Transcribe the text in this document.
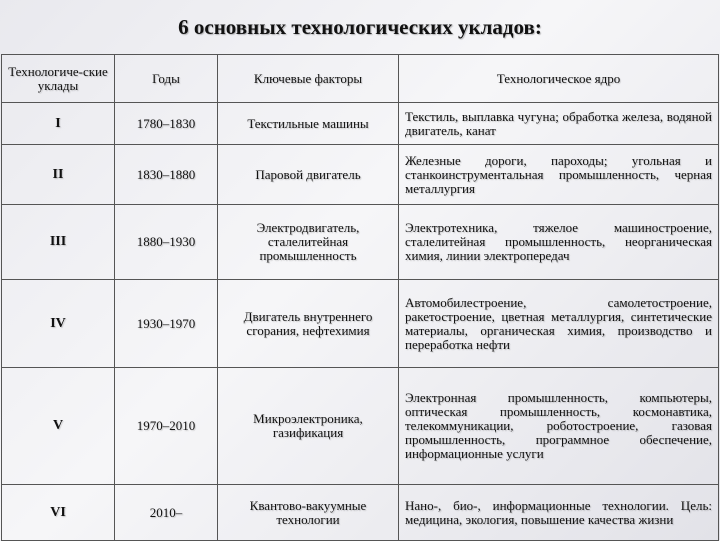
6 основных технологических укладов:
Технологиче-ские уклады	Годы	Ключевые факторы	Технологическое ядро
I	1780–1830	Текстильные машины	Текстиль, выплавка чугуна; обработка железа, водяной двигатель, канат
II	1830–1880	Паровой двигатель	Железные дороги, пароходы; угольная и станкоинструментальная промышленность, черная металлургия
III	1880–1930	Электродвигатель, сталелитейная промышленность	Электротехника, тяжелое машиностроение, сталелитейная промышленность, неорганическая химия, линии электропередач
IV	1930–1970	Двигатель внутреннего сгорания, нефтехимия	Автомобилестроение, самолетостроение, ракетостроение, цветная металлургия, синтетические материалы, органическая химия, производство и переработка нефти
V	1970–2010	Микроэлектроника, газификация	Электронная промышленность, компьютеры, оптическая промышленность, космонавтика, телекоммуникации, роботостроение, газовая промышленность, программное обеспечение, информационные услуги
VI	2010–	Квантово-вакуумные технологии	Нано-, био-, информационные технологии. Цель: медицина, экология, повышение качества жизни
